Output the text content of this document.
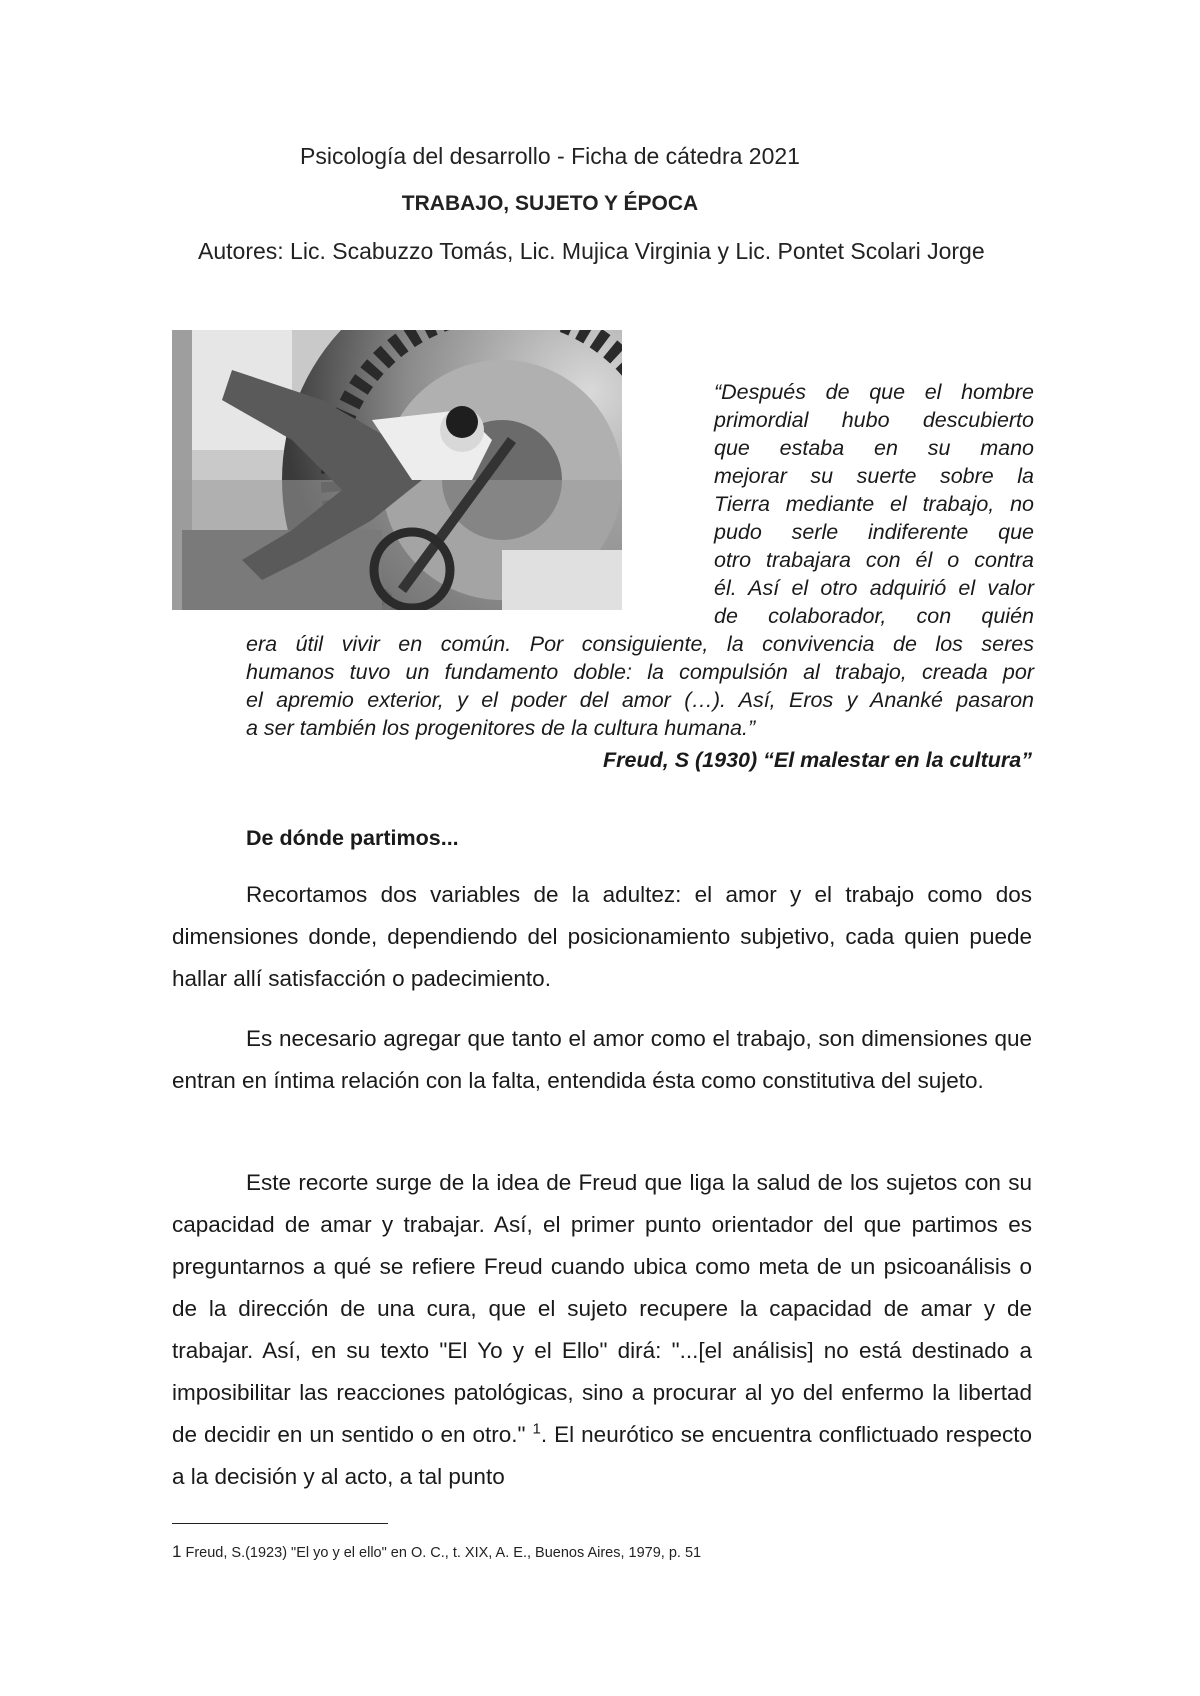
Psicología del desarrollo - Ficha de cátedra 2021
TRABAJO, SUJETO Y ÉPOCA
Autores: Lic. Scabuzzo Tomás, Lic. Mujica Virginia y Lic. Pontet Scolari Jorge
“Después de que el hombre
primordial hubo descubierto
que estaba en su mano
mejorar su suerte sobre la
Tierra mediante el trabajo, no
pudo serle indiferente que
otro trabajara con él o contra
él. Así el otro adquirió el valor
de colaborador, con quién
era útil vivir en común. Por consiguiente, la convivencia de los seres
humanos tuvo un fundamento doble: la compulsión al trabajo, creada por
el apremio exterior, y el poder del amor (…). Así, Eros y Ananké pasaron
a ser también los progenitores de la cultura humana.”
Freud, S (1930) “El malestar en la cultura”
De dónde partimos...

Recortamos dos variables de la adultez: el amor y el trabajo como dos dimensiones donde, dependiendo del posicionamiento subjetivo, cada quien puede hallar allí satisfacción o padecimiento.

Es necesario agregar que tanto el amor como el trabajo, son dimensiones que entran en íntima relación con la falta, entendida ésta como constitutiva del sujeto.

Este recorte surge de la idea de Freud que liga la salud de los sujetos con su capacidad de amar y trabajar. Así, el primer punto orientador del que partimos es preguntarnos a qué se refiere Freud cuando ubica como meta de un psicoanálisis o de la dirección de una cura, que el sujeto recupere la capacidad de amar y de trabajar. Así, en su texto "El Yo y el Ello" dirá: "...[el análisis] no está destinado a imposibilitar las reacciones patológicas, sino a procurar al yo del enfermo la libertad de decidir en un sentido o en otro." $^1$. El neurótico se encuentra conflictuado respecto a la decisión y al acto, a tal punto

1 Freud, S.(1923) "El yo y el ello" en O. C., t. XIX, A. E., Buenos Aires, 1979, p. 51
